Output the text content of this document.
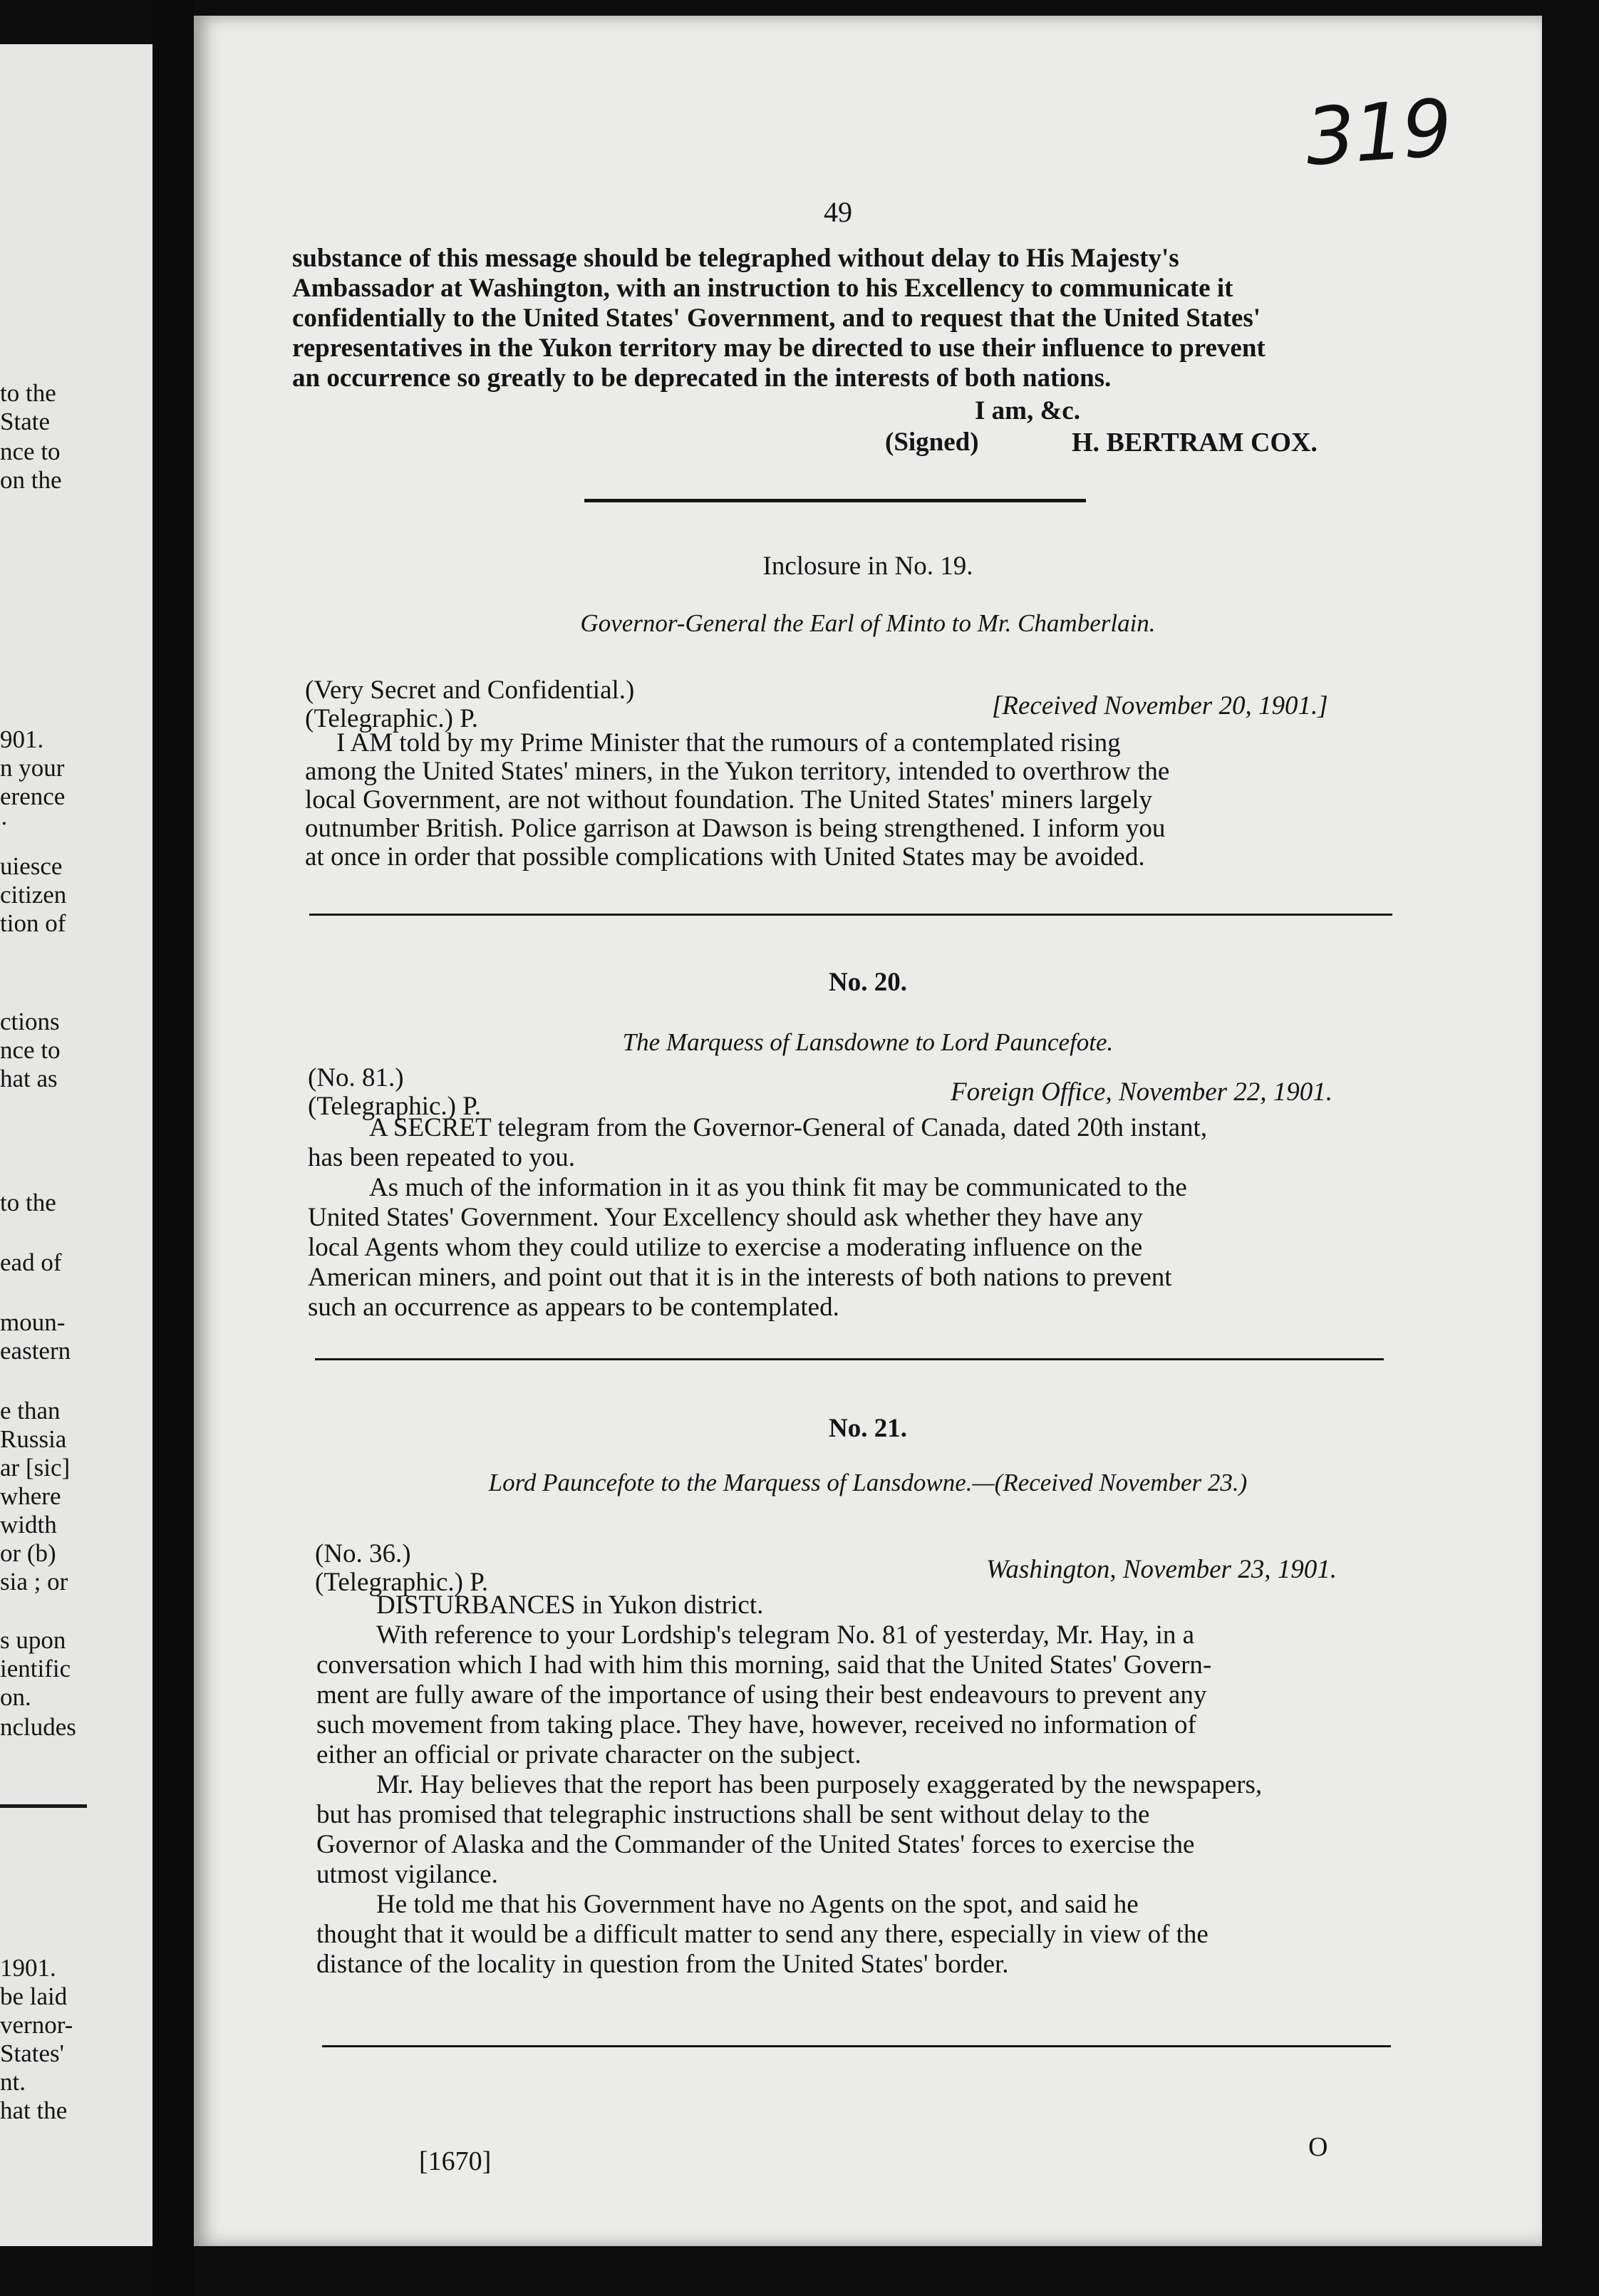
to the
State
nce to
on the
901.
n your
erence
·
uiesce
citizen
tion of
ctions
nce to
hat as
to the
ead of
moun-
eastern
e than
Russia
ar [sic]
where
width
or (b)
sia ; or
s upon
ientific
on.
ncludes
1901.
be laid
vernor-
States'
nt.
hat the
319
49
substance of this message should be telegraphed without delay to His Majesty's
Ambassador at Washington, with an instruction to his Excellency to communicate it
confidentially to the United States' Government, and to request that the United States'
representatives in the Yukon territory may be directed to use their influence to prevent
an occurrence so greatly to be deprecated in the interests of both nations.
I am, &c.
(Signed)	H. BERTRAM COX.
Inclosure in No. 19.
Governor-General the Earl of Minto to Mr. Chamberlain.
(Very Secret and Confidential.)
(Telegraphic.) P.	[Received November 20, 1901.]
I AM told by my Prime Minister that the rumours of a contemplated rising
among the United States' miners, in the Yukon territory, intended to overthrow the
local Government, are not without foundation. The United States' miners largely
outnumber British. Police garrison at Dawson is being strengthened. I inform you
at once in order that possible complications with United States may be avoided.
No. 20.
The Marquess of Lansdowne to Lord Pauncefote.
(No. 81.)
(Telegraphic.) P.	Foreign Office, November 22, 1901.
A SECRET telegram from the Governor-General of Canada, dated 20th instant,
has been repeated to you.
As much of the information in it as you think fit may be communicated to the
United States' Government. Your Excellency should ask whether they have any
local Agents whom they could utilize to exercise a moderating influence on the
American miners, and point out that it is in the interests of both nations to prevent
such an occurrence as appears to be contemplated.
No. 21.
Lord Pauncefote to the Marquess of Lansdowne.—(Received November 23.)
(No. 36.)
(Telegraphic.) P.	Washington, November 23, 1901.
DISTURBANCES in Yukon district.
With reference to your Lordship's telegram No. 81 of yesterday, Mr. Hay, in a
conversation which I had with him this morning, said that the United States' Govern-
ment are fully aware of the importance of using their best endeavours to prevent any
such movement from taking place. They have, however, received no information of
either an official or private character on the subject.
Mr. Hay believes that the report has been purposely exaggerated by the newspapers,
but has promised that telegraphic instructions shall be sent without delay to the
Governor of Alaska and the Commander of the United States' forces to exercise the
utmost vigilance.
He told me that his Government have no Agents on the spot, and said he
thought that it would be a difficult matter to send any there, especially in view of the
distance of the locality in question from the United States' border.
[1670]	O
